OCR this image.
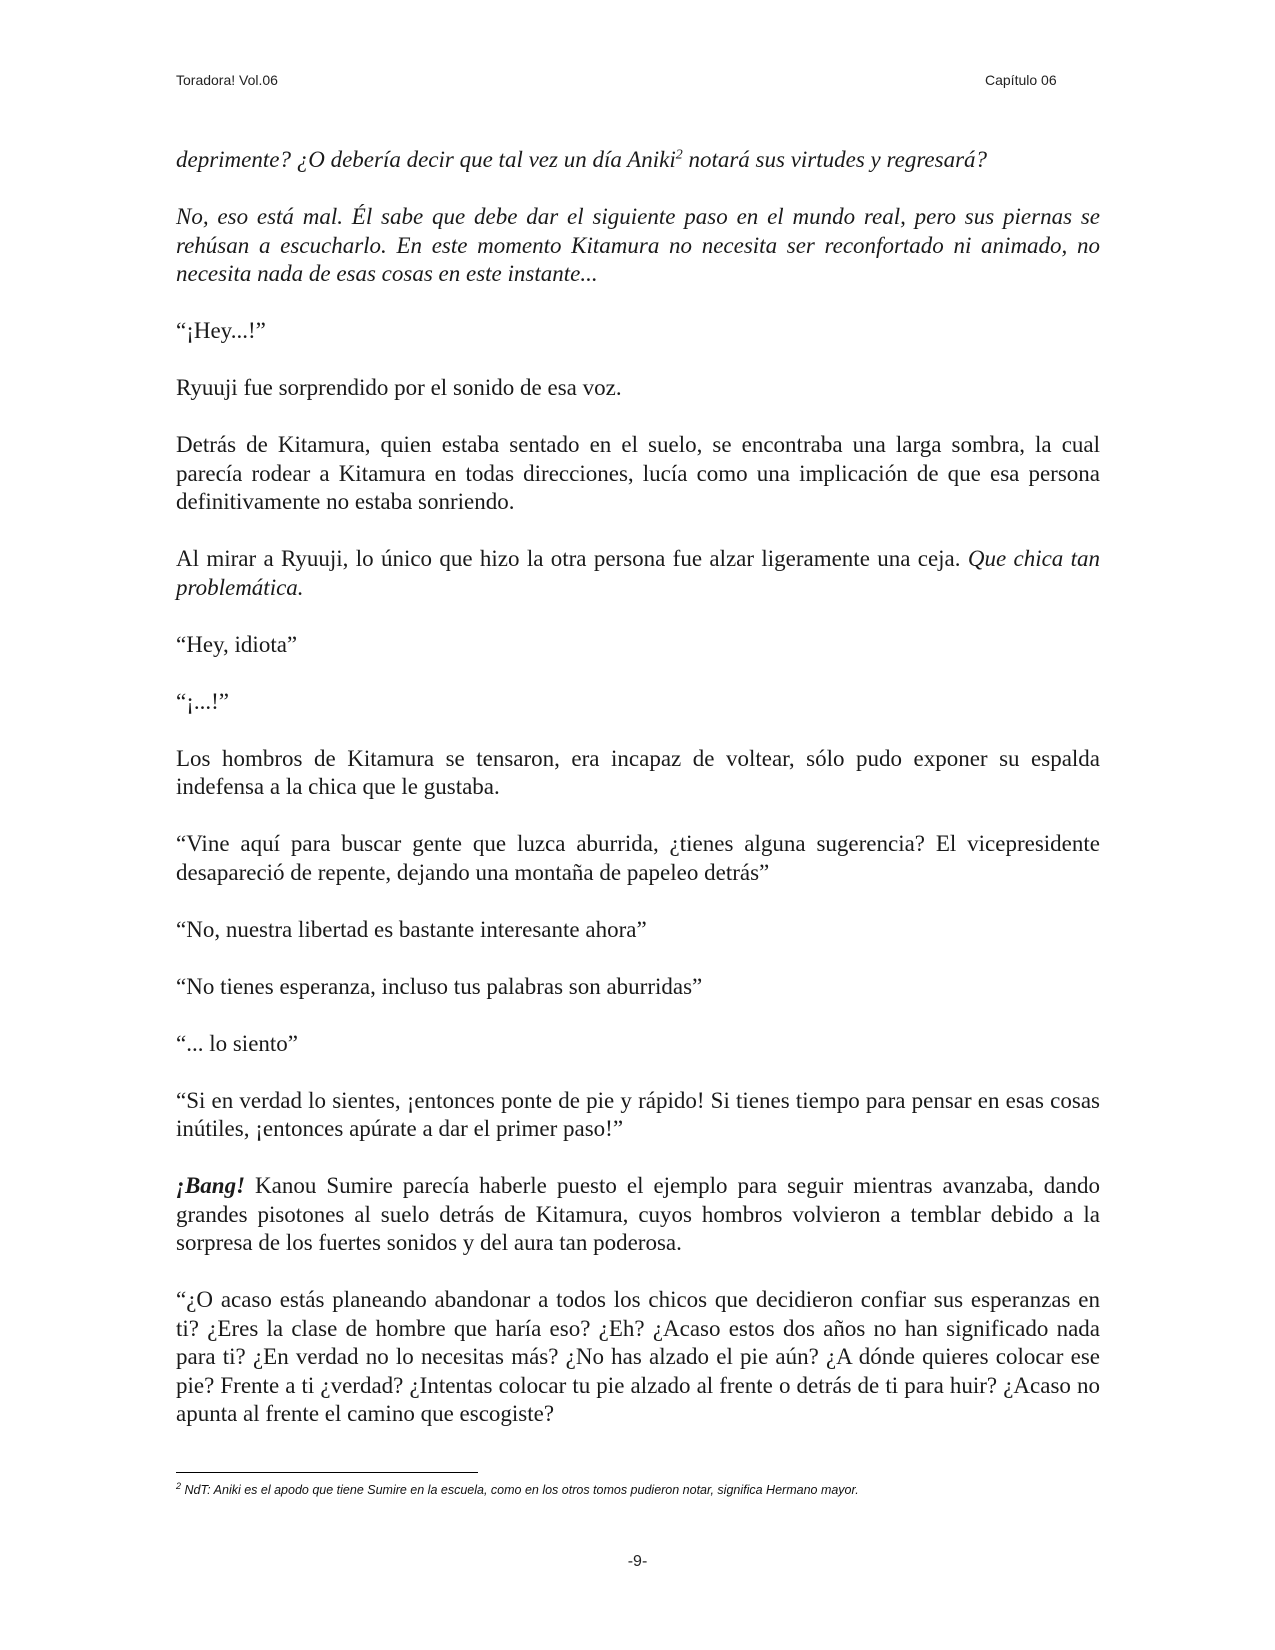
Toradora! Vol.06	Capítulo 06

deprimente? ¿O debería decir que tal vez un día Aniki$^2$ notará sus virtudes y regresará?

No, eso está mal. Él sabe que debe dar el siguiente paso en el mundo real, pero sus piernas se rehúsan a escucharlo. En este momento Kitamura no necesita ser reconfortado ni animado, no necesita nada de esas cosas en este instante...

“¡Hey...!”

Ryuuji fue sorprendido por el sonido de esa voz.

Detrás de Kitamura, quien estaba sentado en el suelo, se encontraba una larga sombra, la cual parecía rodear a Kitamura en todas direcciones, lucía como una implicación de que esa persona definitivamente no estaba sonriendo.

Al mirar a Ryuuji, lo único que hizo la otra persona fue alzar ligeramente una ceja. Que chica tan problemática.

“Hey, idiota”

“¡...!”

Los hombros de Kitamura se tensaron, era incapaz de voltear, sólo pudo exponer su espalda indefensa a la chica que le gustaba.

“Vine aquí para buscar gente que luzca aburrida, ¿tienes alguna sugerencia? El vicepresidente desapareció de repente, dejando una montaña de papeleo detrás”

“No, nuestra libertad es bastante interesante ahora”

“No tienes esperanza, incluso tus palabras son aburridas”

“... lo siento”

“Si en verdad lo sientes, ¡entonces ponte de pie y rápido! Si tienes tiempo para pensar en esas cosas inútiles, ¡entonces apúrate a dar el primer paso!”

¡Bang! Kanou Sumire parecía haberle puesto el ejemplo para seguir mientras avanzaba, dando grandes pisotones al suelo detrás de Kitamura, cuyos hombros volvieron a temblar debido a la sorpresa de los fuertes sonidos y del aura tan poderosa.

“¿O acaso estás planeando abandonar a todos los chicos que decidieron confiar sus esperanzas en ti? ¿Eres la clase de hombre que haría eso? ¿Eh? ¿Acaso estos dos años no han significado nada para ti? ¿En verdad no lo necesitas más? ¿No has alzado el pie aún? ¿A dónde quieres colocar ese pie? Frente a ti ¿verdad? ¿Intentas colocar tu pie alzado al frente o detrás de ti para huir? ¿Acaso no apunta al frente el camino que escogiste?

$^2$ NdT: Aniki es el apodo que tiene Sumire en la escuela, como en los otros tomos pudieron notar, significa Hermano mayor.
-9-
